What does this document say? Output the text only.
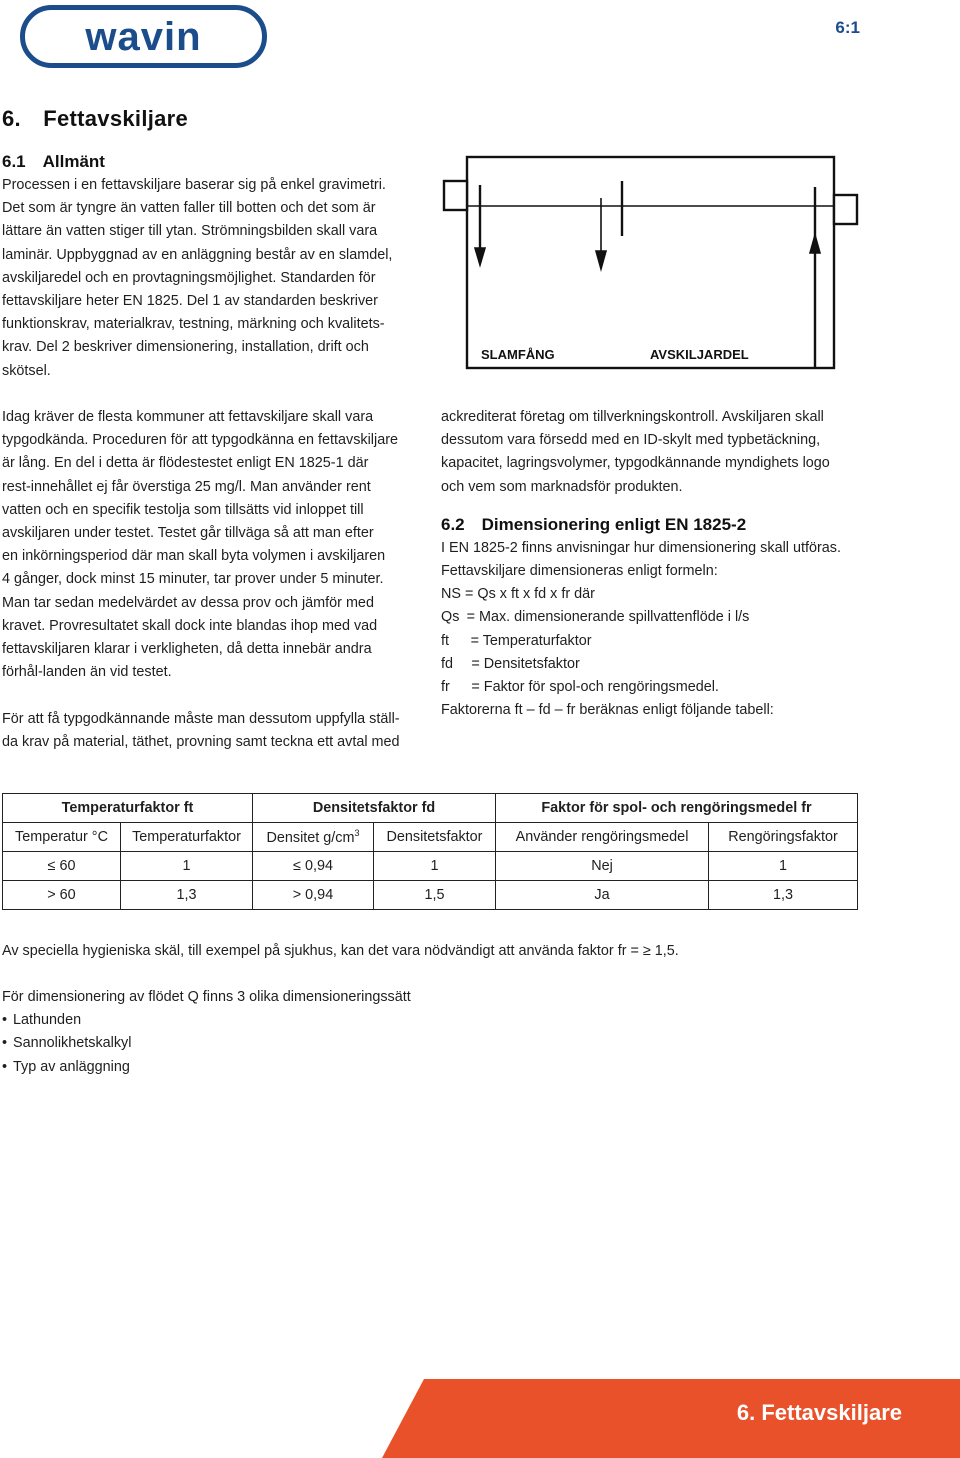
wavin	6:1
6. Fettavskiljare
6.1 Allmänt

Processen i en fettavskiljare baserar sig på enkel gravimetri.

Det som är tyngre än vatten faller till botten och det som är

lättare än vatten stiger till ytan. Strömningsbilden skall vara

laminär. Uppbyggnad av en anläggning består av en slamdel,

avskiljaredel och en provtagningsmöjlighet. Standarden för

fettavskiljare heter EN 1825. Del 1 av standarden beskriver

funktionskrav, materialkrav, testning, märkning och kvalitets-

krav. Del 2 beskriver dimensionering, installation, drift och

skötsel.

SLAMFÅNG	AVSKILJARDEL

Idag kräver de flesta kommuner att fettavskiljare skall vara

typgodkända. Proceduren för att typgodkänna en fettavskiljare

är lång. En del i detta är flödestestet enligt EN 1825-1 där

rest-innehållet ej får överstiga 25 mg/l. Man använder rent

vatten och en specifik testolja som tillsätts vid inloppet till

avskiljaren under testet. Testet går tillväga så att man efter

en inkörningsperiod där man skall byta volymen i avskiljaren

4 gånger, dock minst 15 minuter, tar prover under 5 minuter.

Man tar sedan medelvärdet av dessa prov och jämför med

kravet. Provresultatet skall dock inte blandas ihop med vad

fettavskiljaren klarar i verkligheten, då detta innebär andra

förhål-landen än vid testet.

För att få typgodkännande måste man dessutom uppfylla ställ-

da krav på material, täthet, provning samt teckna ett avtal med

ackrediterat företag om tillverkningskontroll. Avskiljaren skall

dessutom vara försedd med en ID-skylt med typbetäckning,

kapacitet, lagringsvolymer, typgodkännande myndighets logo

och vem som marknadsför produkten.

6.2 Dimensionering enligt EN 1825-2

I EN 1825-2 finns anvisningar hur dimensionering skall utföras.

Fettavskiljare dimensioneras enligt formeln:

NS = Qs x ft x fd x fr där

Qs = Max. dimensionerande spillvattenflöde i l/s

ft  = Temperaturfaktor

fd  = Densitetsfaktor

fr  = Faktor för spol-och rengöringsmedel.

Faktorerna ft – fd – fr beräknas enligt följande tabell:

Temperaturfaktor ft		Densitetsfaktor fd		Faktor för spol- och rengöringsmedel fr	
Temperatur °C	Temperaturfaktor	Densitet $g/cm^3$	Densitetsfaktor	Använder rengöringsmedel	Rengöringsfaktor
≤ 60	1	≤ 0,94	1	Nej	1
> 60	1,3	> 0,94	1,5	Ja	1,3
Av speciella hygieniska skäl, till exempel på sjukhus, kan det vara nödvändigt att använda faktor fr = ≥ 1,5.

För dimensionering av flödet Q finns 3 olika dimensioneringssätt

• Lathunden
• Sannolikhetskalkyl
• Typ av anläggning
6. Fettavskiljare
